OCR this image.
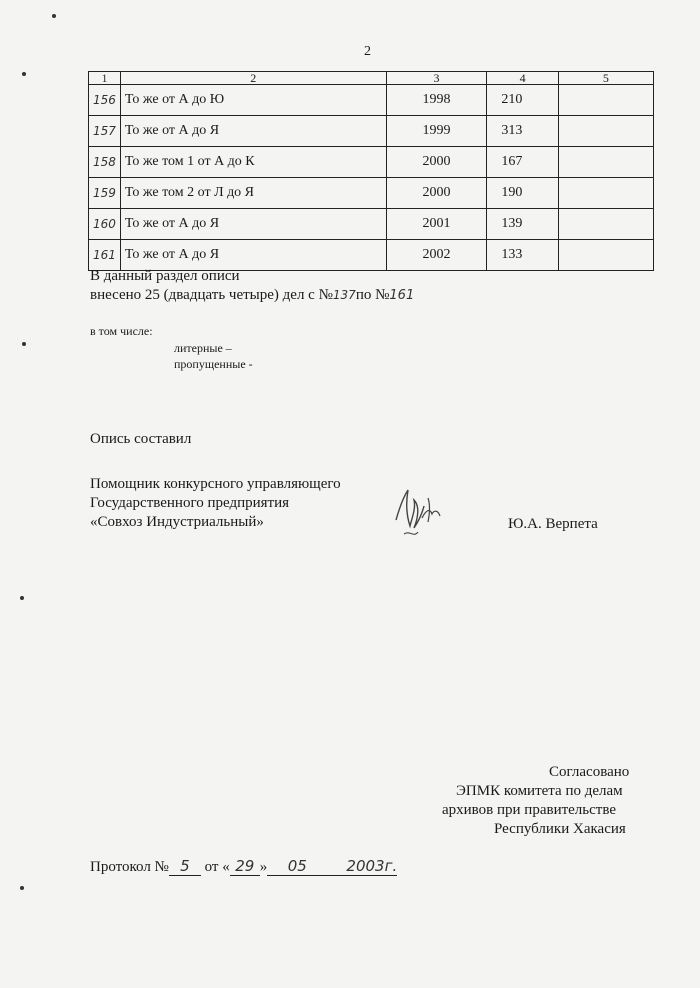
2
1	2	3	4	5
156	То же от А до Ю	1998	210	
157	То же от А до Я	1999	313	
158	То же том 1 от А до К	2000	167	
159	То же том 2 от Л до Я	2000	190	
160	То же от А до Я	2001	139	
161	То же от А до Я	2002	133	
В данный раздел описи
внесено 25 (двадцать четыре) дел с №137по №161
в том числе:
литерные –
пропущенные -
Опись составил
Помощник конкурсного управляющего
Государственного предприятия
«Совхоз Индустриальный»	Ю.А. Верпета
Согласовано
ЭПМК комитета по делам
архивов при правительстве
Республики Хакасия
Протокол № 5 от « 29 » 05	2003г.
